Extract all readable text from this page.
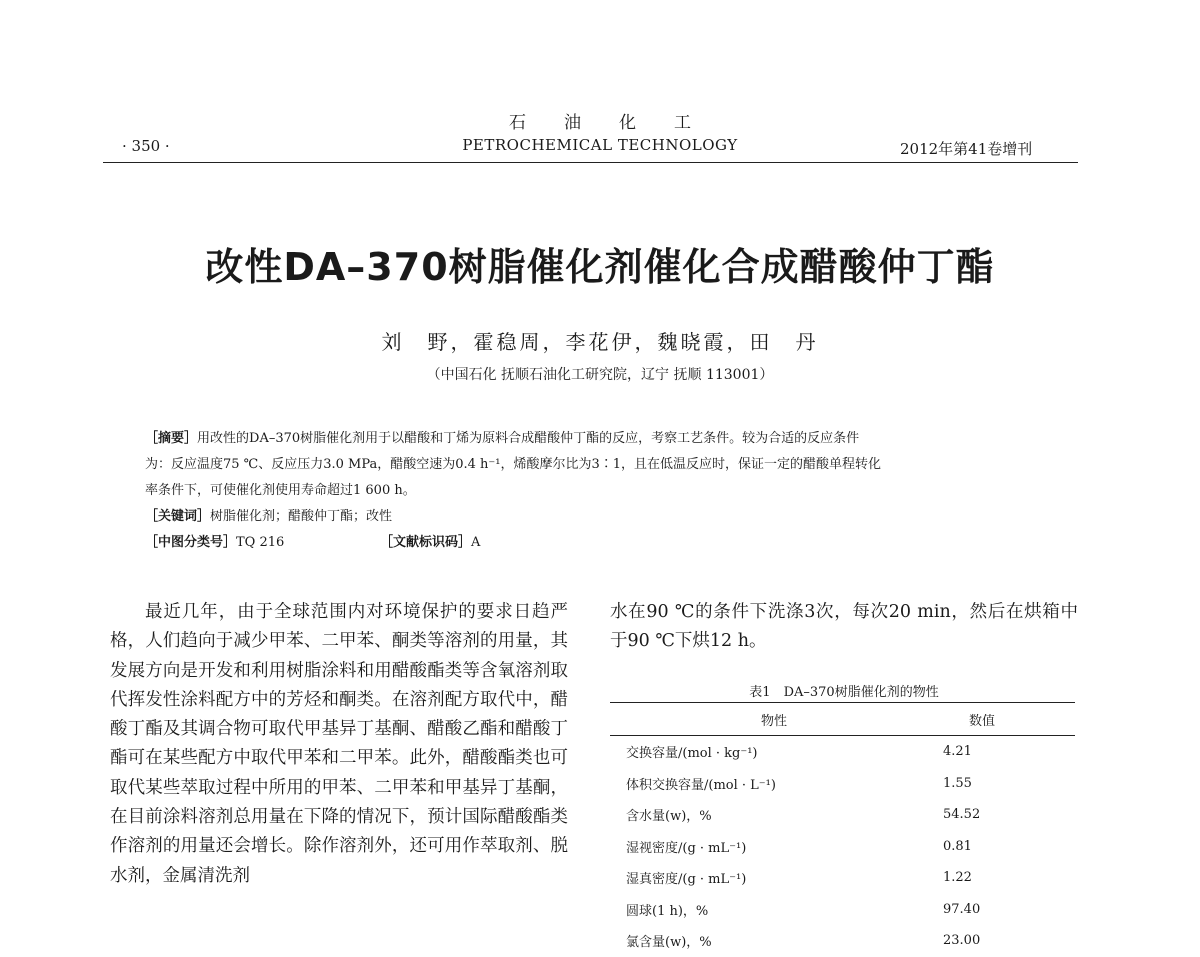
石油化工
· 350 ·	PETROCHEMICAL TECHNOLOGY	2012年第41卷增刊
改性DA–370树脂催化剂催化合成醋酸仲丁酯
刘　野，霍稳周，李花伊，魏晓霞，田　丹
（中国石化 抚顺石油化工研究院，辽宁 抚顺 113001）

［摘要］用改性的DA–370树脂催化剂用于以醋酸和丁烯为原料合成醋酸仲丁酯的反应，考察工艺条件。较为合适的反应条件

为：反应温度75 ℃、反应压力3.0 MPa，醋酸空速为0.4 h⁻¹，烯酸摩尔比为3∶1，且在低温反应时，保证一定的醋酸单程转化

率条件下，可使催化剂使用寿命超过1 600 h。

［关键词］树脂催化剂；醋酸仲丁酯；改性

［中图分类号］TQ 216	［文献标识码］A

最近几年，由于全球范围内对环境保护的要求日趋严格，人们趋向于减少甲苯、二甲苯、酮类等溶剂的用量，其发展方向是开发和利用树脂涂料和用醋酸酯类等含氧溶剂取代挥发性涂料配方中的芳烃和酮类。在溶剂配方取代中，醋酸丁酯及其调合物可取代甲基异丁基酮、醋酸乙酯和醋酸丁酯可在某些配方中取代甲苯和二甲苯。此外，醋酸酯类也可取代某些萃取过程中所用的甲苯、二甲苯和甲基异丁基酮，在目前涂料溶剂总用量在下降的情况下，预计国际醋酸酯类作溶剂的用量还会增长。除作溶剂外，还可用作萃取剂、脱水剂，金属清洗剂

水在90 ℃的条件下洗涤3次，每次20 min，然后在烘箱中于90 ℃下烘12 h。

表1　DA–370树脂催化剂的物性
物性	数值
交换容量/(mol · kg⁻¹)	4.21
体积交换容量/(mol · L⁻¹)	1.55
含水量(w)，%	54.52
湿视密度/(g · mL⁻¹)	0.81
湿真密度/(g · mL⁻¹)	1.22
圆球(1 h)，%	97.40
氯含量(w)，%	23.00
